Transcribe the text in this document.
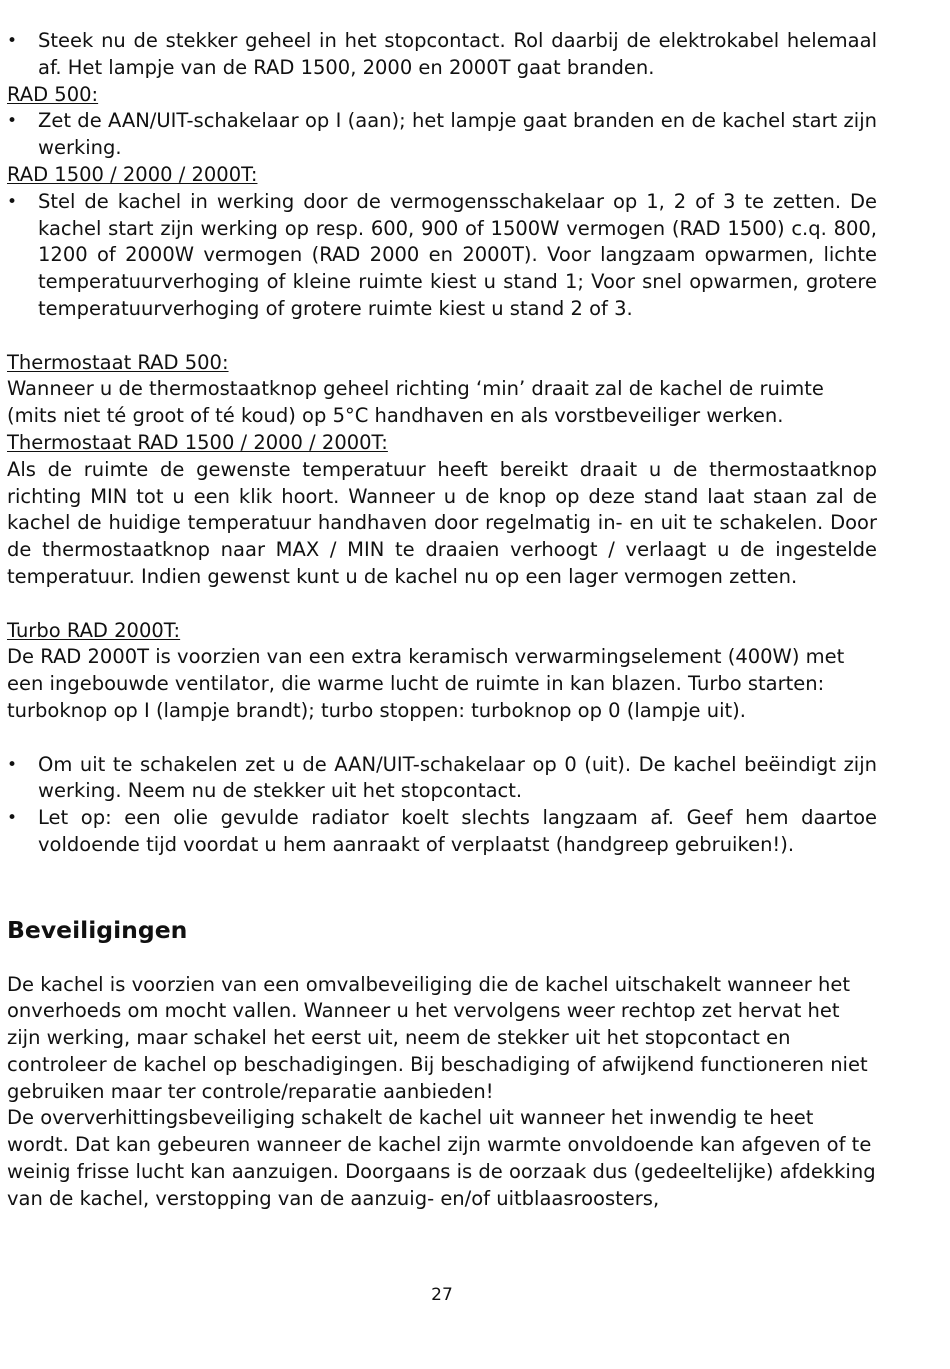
• Steek nu de stekker geheel in het stopcontact. Rol daarbij de elektrokabel helemaal af. Het lampje van de RAD 1500, 2000 en 2000T gaat branden.

RAD 500:

• Zet de AAN/UIT-schakelaar op I (aan); het lampje gaat branden en de kachel start zijn werking.

RAD 1500 / 2000 / 2000T:

• Stel de kachel in werking door de vermogensschakelaar op 1, 2 of 3 te zetten. De kachel start zijn werking op resp. 600, 900 of 1500W vermogen (RAD 1500) c.q. 800, 1200 of 2000W vermogen (RAD 2000 en 2000T). Voor langzaam opwarmen, lichte temperatuurverhoging of kleine ruimte kiest u stand 1; Voor snel opwarmen, grotere temperatuurverhoging of grotere ruimte kiest u stand 2 of 3.

Thermostaat RAD 500:

Wanneer u de thermostaatknop geheel richting ‘min’ draait zal de kachel de ruimte (mits niet té groot of té koud) op 5°C handhaven en als vorstbeveiliger werken.

Thermostaat RAD 1500 / 2000 / 2000T:

Als de ruimte de gewenste temperatuur heeft bereikt draait u de thermostaatknop richting MIN tot u een klik hoort. Wanneer u de knop op deze stand laat staan zal de kachel de huidige temperatuur handhaven door regelmatig in- en uit te schakelen. Door de thermostaatknop naar MAX / MIN te draaien verhoogt / verlaagt u de ingestelde temperatuur. Indien gewenst kunt u de kachel nu op een lager vermogen zetten.

Turbo RAD 2000T:

De RAD 2000T is voorzien van een extra keramisch verwarmingselement (400W) met een ingebouwde ventilator, die warme lucht de ruimte in kan blazen. Turbo starten: turboknop op I (lampje brandt); turbo stoppen: turboknop op 0 (lampje uit).

• Om uit te schakelen zet u de AAN/UIT-schakelaar op 0 (uit). De kachel beëindigt zijn werking. Neem nu de stekker uit het stopcontact.
• Let op: een olie gevulde radiator koelt slechts langzaam af. Geef hem daartoe voldoende tijd voordat u hem aanraakt of verplaatst (handgreep gebruiken!).
Beveiligingen

De kachel is voorzien van een omvalbeveiliging die de kachel uitschakelt wanneer het onverhoeds om mocht vallen. Wanneer u het vervolgens weer rechtop zet hervat het zijn werking, maar schakel het eerst uit, neem de stekker uit het stopcontact en controleer de kachel op beschadigingen. Bij beschadiging of afwijkend functioneren niet gebruiken maar ter controle/reparatie aanbieden!

De oververhittingsbeveiliging schakelt de kachel uit wanneer het inwendig te heet wordt. Dat kan gebeuren wanneer de kachel zijn warmte onvoldoende kan afgeven of te weinig frisse lucht kan aanzuigen. Doorgaans is de oorzaak dus (gedeeltelijke) afdekking van de kachel, verstopping van de aanzuig- en/of uitblaasroosters,

27
